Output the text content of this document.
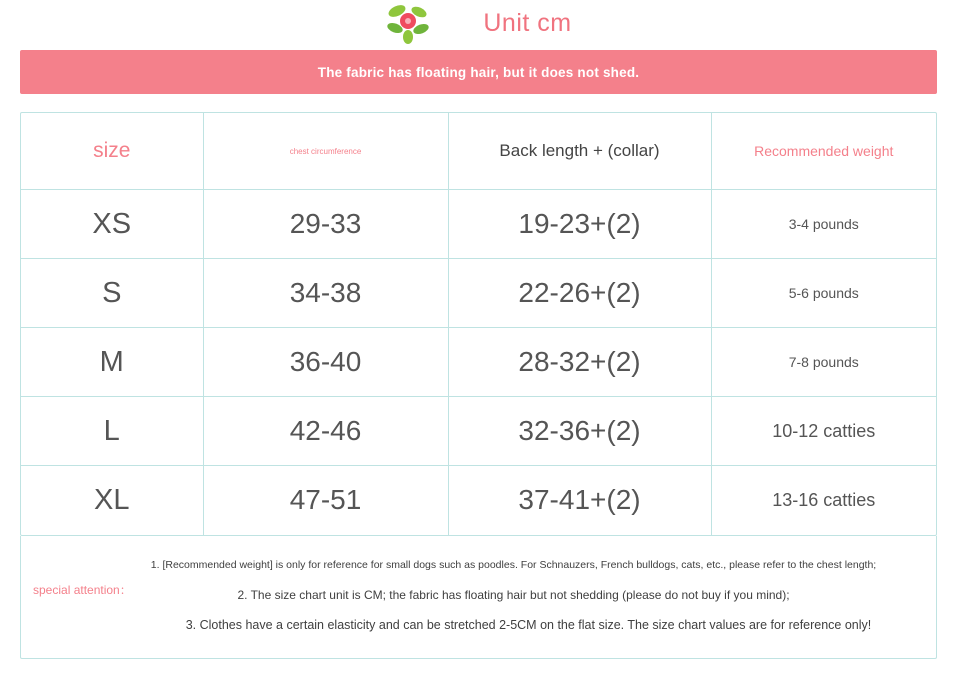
Unit cm
The fabric has floating hair, but it does not shed.
size	chest circumference	Back length + (collar)	Recommended weight
XS	29-33	19-23+(2)	3-4 pounds
S	34-38	22-26+(2)	5-6 pounds
M	36-40	28-32+(2)	7-8 pounds
L	42-46	32-36+(2)	10-12 catties
XL	47-51	37-41+(2)	13-16 catties
special attention：
1. [Recommended weight] is only for reference for small dogs such as poodles. For Schnauzers, French bulldogs, cats, etc., please refer to the chest length;
2. The size chart unit is CM; the fabric has floating hair but not shedding (please do not buy if you mind);
3. Clothes have a certain elasticity and can be stretched 2-5CM on the flat size. The size chart values are for reference only!
